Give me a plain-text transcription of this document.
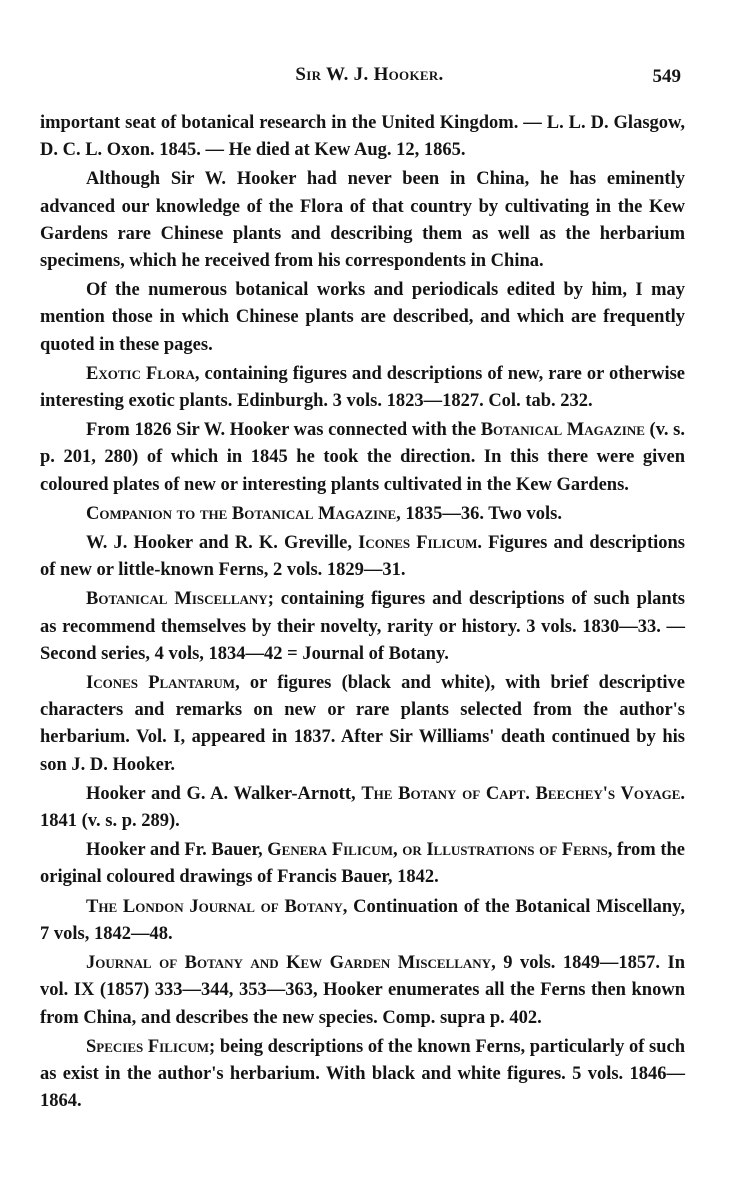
Sir W. J. Hooker.	549

important seat of botanical research in the United Kingdom. — L. L. D. Glasgow, D. C. L. Oxon. 1845. — He died at Kew Aug. 12, 1865.

Although Sir W. Hooker had never been in China, he has eminently advanced our knowledge of the Flora of that country by cultivating in the Kew Gardens rare Chinese plants and describing them as well as the herbarium specimens, which he received from his correspondents in China.

Of the numerous botanical works and periodicals edited by him, I may mention those in which Chinese plants are described, and which are frequently quoted in these pages.

Exotic Flora, containing figures and descriptions of new, rare or otherwise interesting exotic plants. Edinburgh. 3 vols. 1823—1827. Col. tab. 232.

From 1826 Sir W. Hooker was connected with the Botanical Magazine (v. s. p. 201, 280) of which in 1845 he took the direction. In this there were given coloured plates of new or interesting plants cultivated in the Kew Gardens.

Companion to the Botanical Magazine, 1835—36. Two vols.

W. J. Hooker and R. K. Greville, Icones Filicum. Figures and descriptions of new or little-known Ferns, 2 vols. 1829—31.

Botanical Miscellany; containing figures and descriptions of such plants as recommend themselves by their novelty, rarity or history. 3 vols. 1830—33. — Second series, 4 vols, 1834—42 = Journal of Botany.

Icones Plantarum, or figures (black and white), with brief descriptive characters and remarks on new or rare plants selected from the author's herbarium. Vol. I, appeared in 1837. After Sir Williams' death continued by his son J. D. Hooker.

Hooker and G. A. Walker-Arnott, The Botany of Capt. Beechey's Voyage. 1841 (v. s. p. 289).

Hooker and Fr. Bauer, Genera Filicum, or Illustrations of Ferns, from the original coloured drawings of Francis Bauer, 1842.

The London Journal of Botany, Continuation of the Botanical Miscellany, 7 vols, 1842—48.

Journal of Botany and Kew Garden Miscellany, 9 vols. 1849—1857. In vol. IX (1857) 333—344, 353—363, Hooker enumerates all the Ferns then known from China, and describes the new species. Comp. supra p. 402.

Species Filicum; being descriptions of the known Ferns, particularly of such as exist in the author's herbarium. With black and white figures. 5 vols. 1846—1864.
